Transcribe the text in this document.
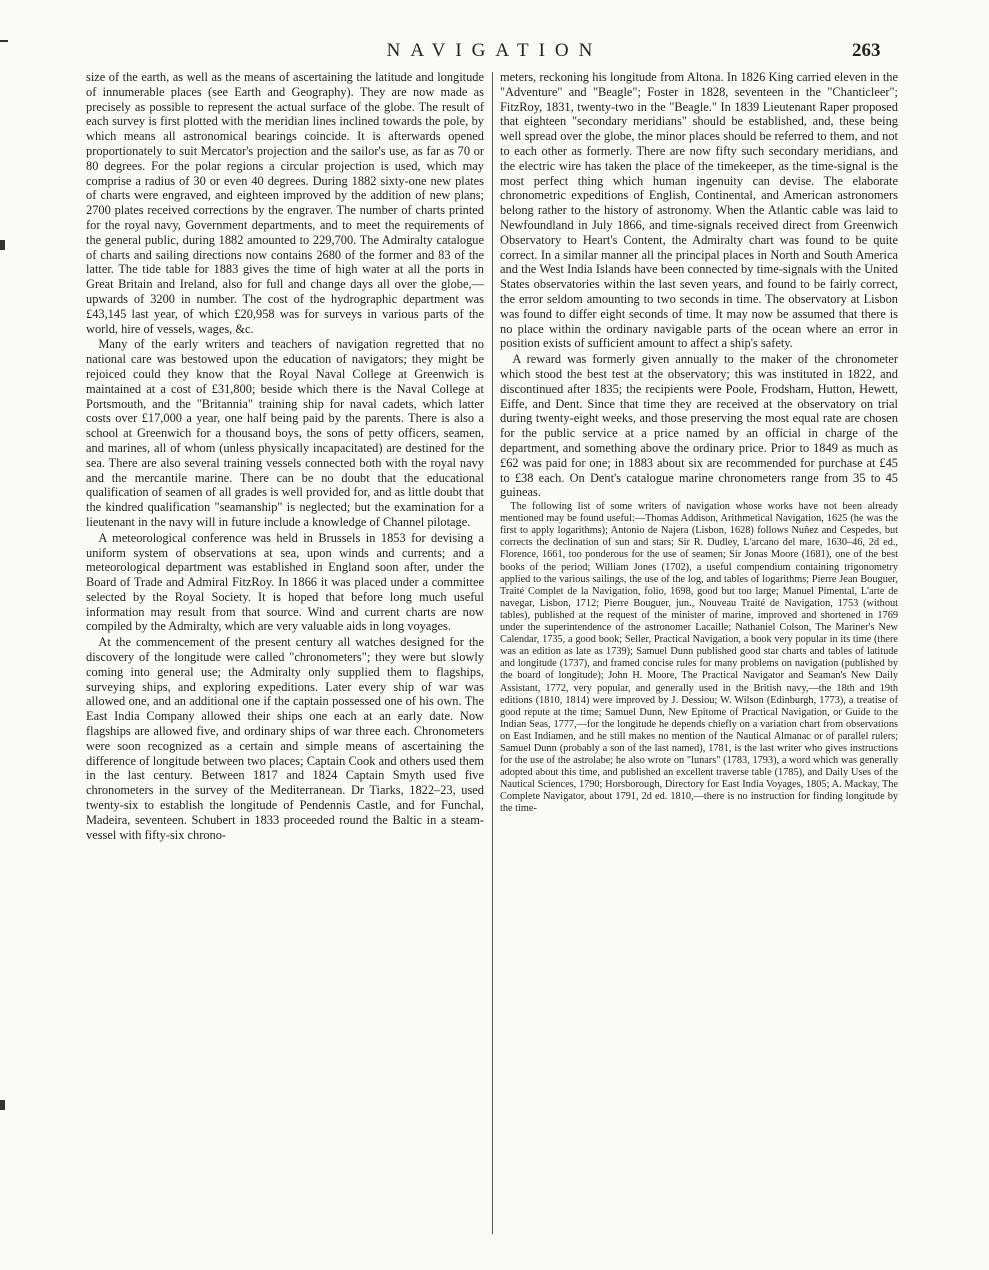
NAVIGATION	263

size of the earth, as well as the means of ascertaining the latitude and longitude of innumerable places (see Earth and Geography). They are now made as precisely as possible to represent the actual surface of the globe. The result of each survey is first plotted with the meridian lines inclined towards the pole, by which means all astronomical bearings coincide. It is afterwards opened proportionately to suit Mercator's projection and the sailor's use, as far as 70 or 80 degrees. For the polar regions a circular projection is used, which may comprise a radius of 30 or even 40 degrees. During 1882 sixty-one new plates of charts were engraved, and eighteen improved by the addition of new plans; 2700 plates received corrections by the engraver. The number of charts printed for the royal navy, Government departments, and to meet the requirements of the general public, during 1882 amounted to 229,700. The Admiralty catalogue of charts and sailing directions now contains 2680 of the former and 83 of the latter. The tide table for 1883 gives the time of high water at all the ports in Great Britain and Ireland, also for full and change days all over the globe,—upwards of 3200 in number. The cost of the hydrographic department was £43,145 last year, of which £20,958 was for surveys in various parts of the world, hire of vessels, wages, &c.

Many of the early writers and teachers of navigation regretted that no national care was bestowed upon the education of navigators; they might be rejoiced could they know that the Royal Naval College at Greenwich is maintained at a cost of £31,800; beside which there is the Naval College at Portsmouth, and the "Britannia" training ship for naval cadets, which latter costs over £17,000 a year, one half being paid by the parents. There is also a school at Greenwich for a thousand boys, the sons of petty officers, seamen, and marines, all of whom (unless physically incapacitated) are destined for the sea. There are also several training vessels connected both with the royal navy and the mercantile marine. There can be no doubt that the educational qualification of seamen of all grades is well provided for, and as little doubt that the kindred qualification "seamanship" is neglected; but the examination for a lieutenant in the navy will in future include a knowledge of Channel pilotage.

A meteorological conference was held in Brussels in 1853 for devising a uniform system of observations at sea, upon winds and currents; and a meteorological department was established in England soon after, under the Board of Trade and Admiral FitzRoy. In 1866 it was placed under a committee selected by the Royal Society. It is hoped that before long much useful information may result from that source. Wind and current charts are now compiled by the Admiralty, which are very valuable aids in long voyages.

At the commencement of the present century all watches designed for the discovery of the longitude were called "chronometers"; they were but slowly coming into general use; the Admiralty only supplied them to flagships, surveying ships, and exploring expeditions. Later every ship of war was allowed one, and an additional one if the captain possessed one of his own. The East India Company allowed their ships one each at an early date. Now flagships are allowed five, and ordinary ships of war three each. Chronometers were soon recognized as a certain and simple means of ascertaining the difference of longitude between two places; Captain Cook and others used them in the last century. Between 1817 and 1824 Captain Smyth used five chronometers in the survey of the Mediterranean. Dr Tiarks, 1822–23, used twenty-six to establish the longitude of Pendennis Castle, and for Funchal, Madeira, seventeen. Schubert in 1833 proceeded round the Baltic in a steam-vessel with fifty-six chrono-

meters, reckoning his longitude from Altona. In 1826 King carried eleven in the "Adventure" and "Beagle"; Foster in 1828, seventeen in the "Chanticleer"; FitzRoy, 1831, twenty-two in the "Beagle." In 1839 Lieutenant Raper proposed that eighteen "secondary meridians" should be established, and, these being well spread over the globe, the minor places should be referred to them, and not to each other as formerly. There are now fifty such secondary meridians, and the electric wire has taken the place of the timekeeper, as the time-signal is the most perfect thing which human ingenuity can devise. The elaborate chronometric expeditions of English, Continental, and American astronomers belong rather to the history of astronomy. When the Atlantic cable was laid to Newfoundland in July 1866, and time-signals received direct from Greenwich Observatory to Heart's Content, the Admiralty chart was found to be quite correct. In a similar manner all the principal places in North and South America and the West India Islands have been connected by time-signals with the United States observatories within the last seven years, and found to be fairly correct, the error seldom amounting to two seconds in time. The observatory at Lisbon was found to differ eight seconds of time. It may now be assumed that there is no place within the ordinary navigable parts of the ocean where an error in position exists of sufficient amount to affect a ship's safety.

A reward was formerly given annually to the maker of the chronometer which stood the best test at the observatory; this was instituted in 1822, and discontinued after 1835; the recipients were Poole, Frodsham, Hutton, Hewett, Eiffe, and Dent. Since that time they are received at the observatory on trial during twenty-eight weeks, and those preserving the most equal rate are chosen for the public service at a price named by an official in charge of the department, and something above the ordinary price. Prior to 1849 as much as £62 was paid for one; in 1883 about six are recommended for purchase at £45 to £38 each. On Dent's catalogue marine chronometers range from 35 to 45 guineas.

The following list of some writers of navigation whose works have not been already mentioned may be found useful:—Thomas Addison, Arithmetical Navigation, 1625 (he was the first to apply logarithms); Antonio de Najera (Lisbon, 1628) follows Nuñez and Cespedes, but corrects the declination of sun and stars; Sir R. Dudley, L'arcano del mare, 1630–46, 2d ed., Florence, 1661, too ponderous for the use of seamen; Sir Jonas Moore (1681), one of the best books of the period; William Jones (1702), a useful compendium containing trigonometry applied to the various sailings, the use of the log, and tables of logarithms; Pierre Jean Bouguer, Traité Complet de la Navigation, folio, 1698, good but too large; Manuel Pimental, L'arte de navegar, Lisbon, 1712; Pierre Bouguer, jun., Nouveau Traité de Navigation, 1753 (without tables), published at the request of the minister of marine, improved and shortened in 1769 under the superintendence of the astronomer Lacaille; Nathaniel Colson, The Mariner's New Calendar, 1735, a good book; Seller, Practical Navigation, a book very popular in its time (there was an edition as late as 1739); Samuel Dunn published good star charts and tables of latitude and longitude (1737), and framed concise rules for many problems on navigation (published by the board of longitude); John H. Moore, The Practical Navigator and Seaman's New Daily Assistant, 1772, very popular, and generally used in the British navy,—the 18th and 19th editions (1810, 1814) were improved by J. Dessiou; W. Wilson (Edinburgh, 1773), a treatise of good repute at the time; Samuel Dunn, New Epitome of Practical Navigation, or Guide to the Indian Seas, 1777,—for the longitude he depends chiefly on a variation chart from observations on East Indiamen, and he still makes no mention of the Nautical Almanac or of parallel rulers; Samuel Dunn (probably a son of the last named), 1781, is the last writer who gives instructions for the use of the astrolabe; he also wrote on "lunars" (1783, 1793), a word which was generally adopted about this time, and published an excellent traverse table (1785), and Daily Uses of the Nautical Sciences, 1790; Horsborough, Directory for East India Voyages, 1805; A. Mackay, The Complete Navigator, about 1791, 2d ed. 1810,—there is no instruction for finding longitude by the time-
